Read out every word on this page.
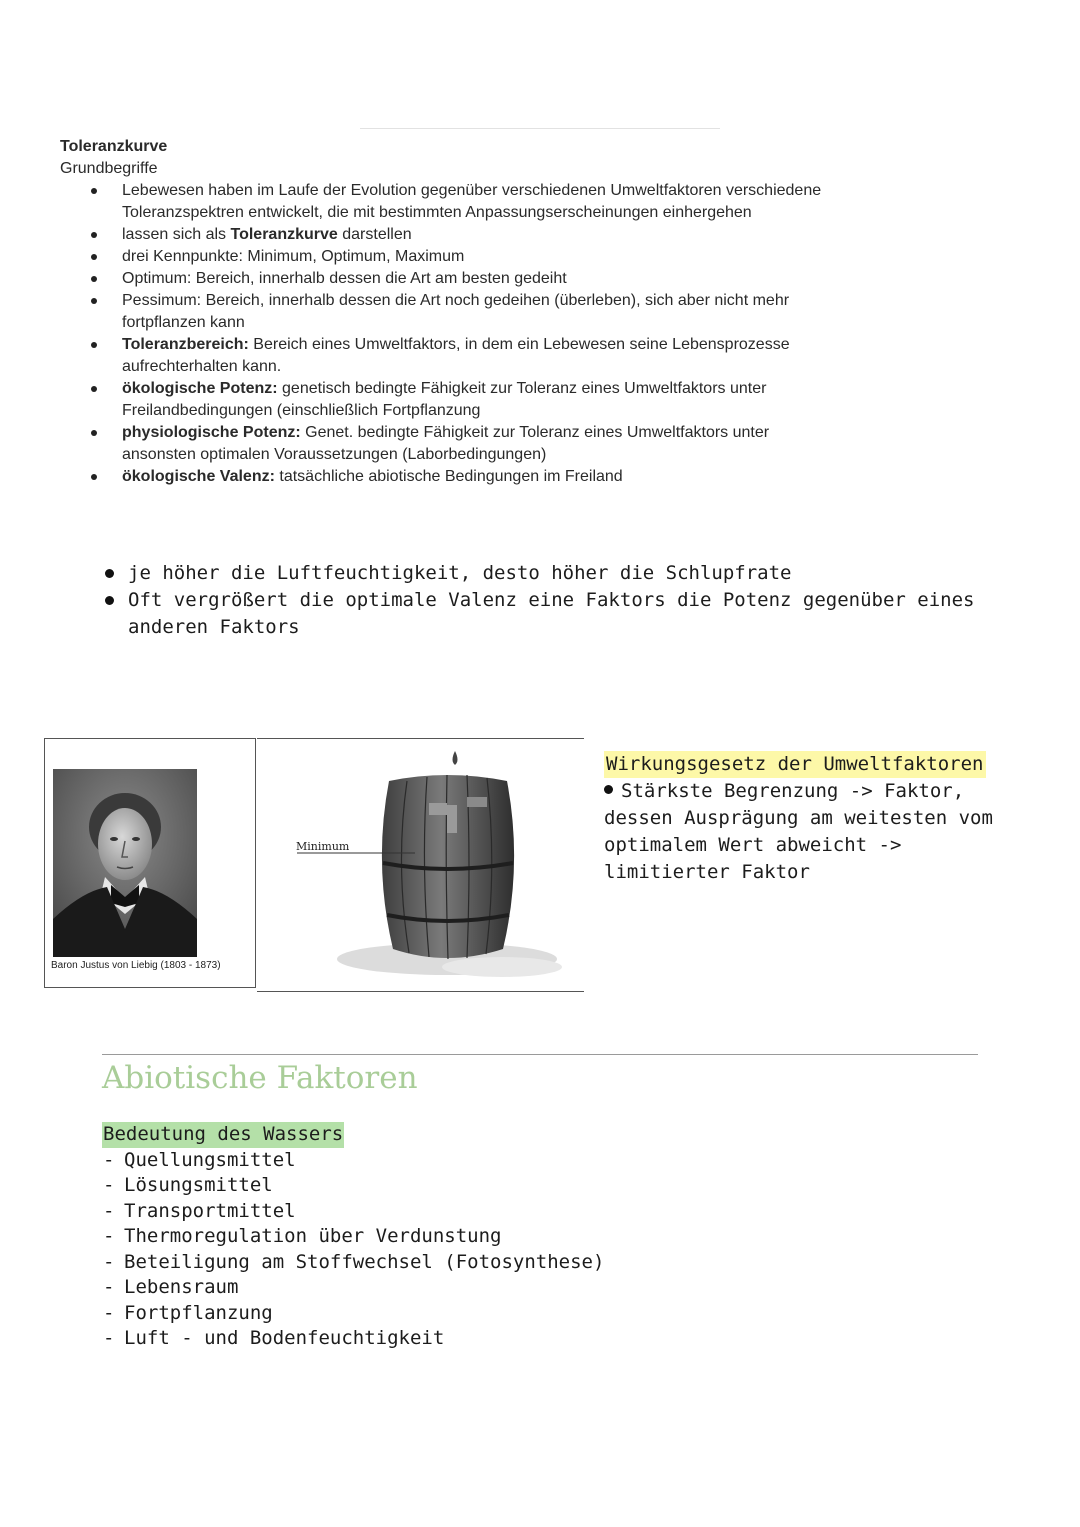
Toleranzkurve
Grundbegriffe
Lebewesen haben im Laufe der Evolution gegenüber verschiedenen Umweltfaktoren verschiedene Toleranzspektren entwickelt, die mit bestimmten Anpassungserscheinungen einhergehen
lassen sich als Toleranzkurve darstellen
drei Kennpunkte: Minimum, Optimum, Maximum
Optimum: Bereich, innerhalb dessen die Art am besten gedeiht
Pessimum: Bereich, innerhalb dessen die Art noch gedeihen (überleben), sich aber nicht mehr fortpflanzen kann
Toleranzbereich: Bereich eines Umweltfaktors, in dem ein Lebewesen seine Lebensprozesse aufrechterhalten kann.
ökologische Potenz: genetisch bedingte Fähigkeit zur Toleranz eines Umweltfaktors unter Freilandbedingungen (einschließlich Fortpflanzung
physiologische Potenz: Genet. bedingte Fähigkeit zur Toleranz eines Umweltfaktors unter ansonsten optimalen Voraussetzungen (Laborbedingungen)
ökologische Valenz: tatsächliche abiotische Bedingungen im Freiland
je höher die Luftfeuchtigkeit, desto höher die Schlupfrate
Oft vergrößert die optimale Valenz eine Faktors die Potenz gegenüber eines anderen Faktors
Baron Justus von Liebig (1803 - 1873)
Minimum
Wirkungsgesetz der Umweltfaktoren
Stärkste Begrenzung -> Faktor, dessen Ausprägung am weitesten vom optimalem Wert abweicht -> limitierter Faktor
Abiotische Faktoren
Bedeutung des Wassers
- Quellungsmittel
- Lösungsmittel
- Transportmittel
- Thermoregulation über Verdunstung
- Beteiligung am Stoffwechsel (Fotosynthese)
- Lebensraum
- Fortpflanzung
- Luft - und Bodenfeuchtigkeit
